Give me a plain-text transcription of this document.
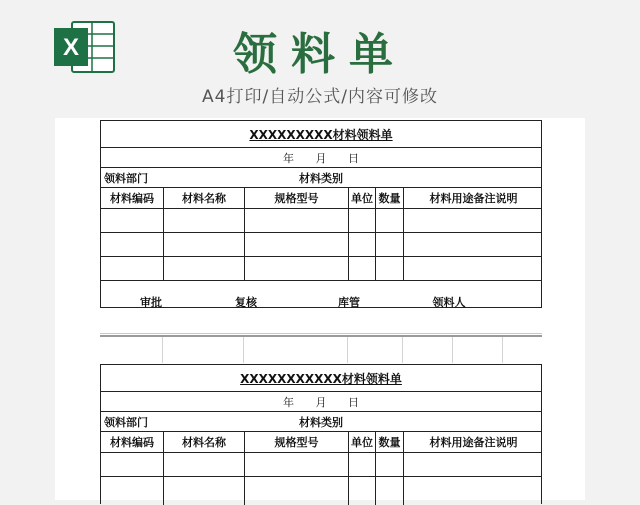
X	领料单
A4打印/自动公式/内容可修改
XXXXXXXXX材料领料单
年 月 日
领料部门	材料类别
材料编码	材料名称	规格型号	单位 数量	材料用途备注说明
审批	复核	库管	领料人
XXXXXXXXXXX材料领料单
年 月 日
领料部门	材料类别
材料编码	材料名称	规格型号	单位 数量	材料用途备注说明
